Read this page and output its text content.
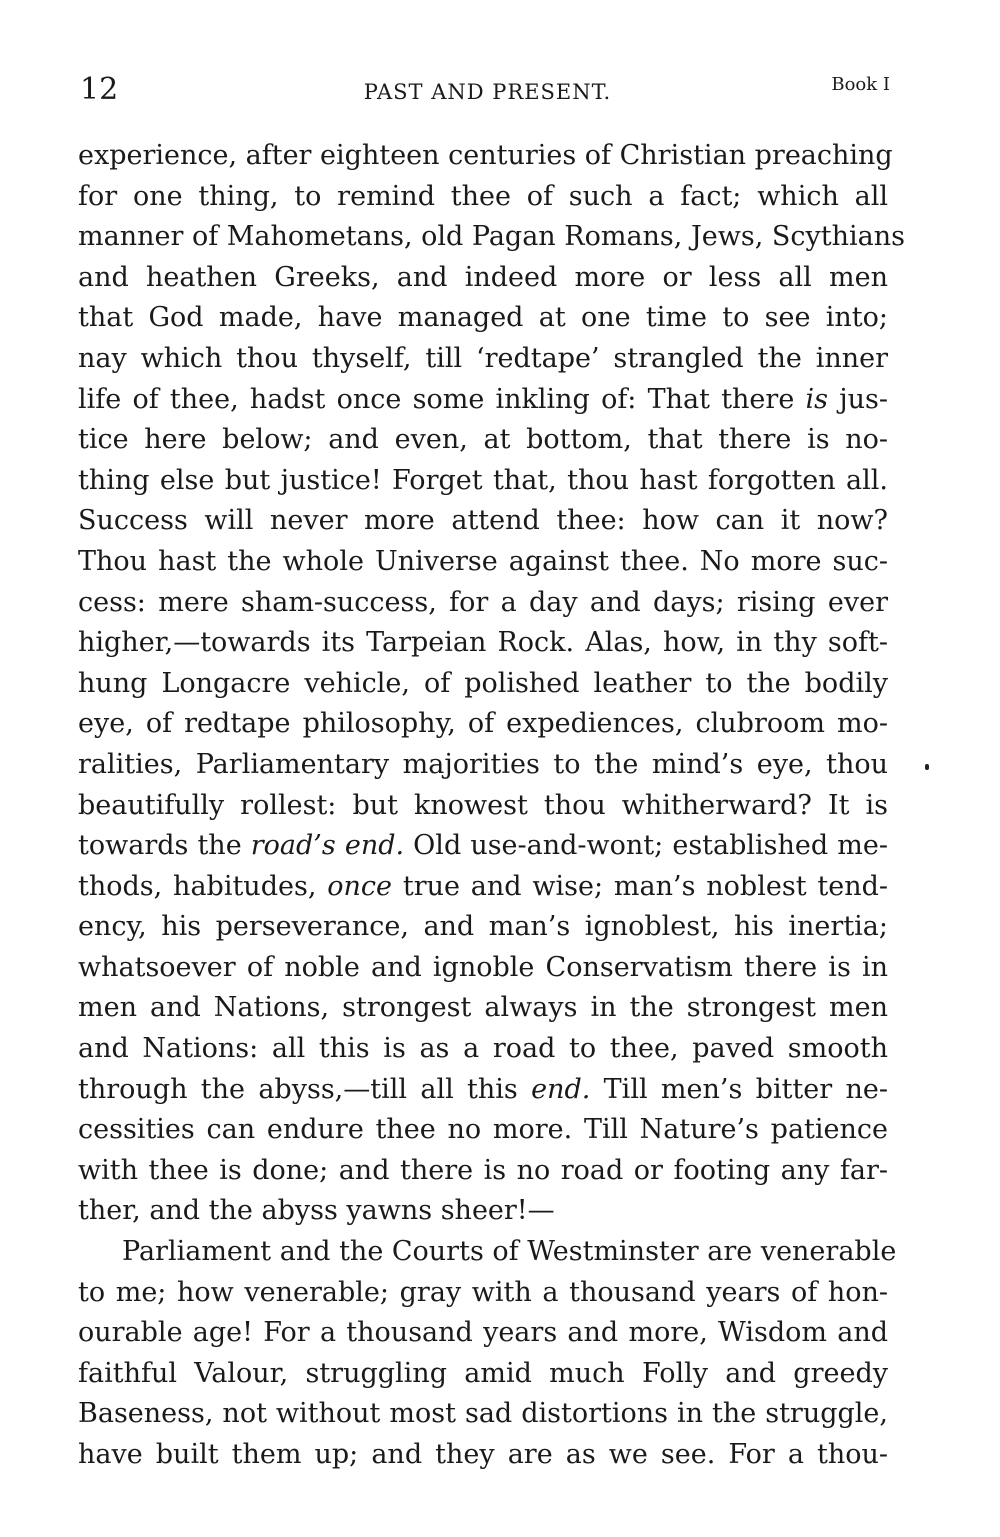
12	PAST AND PRESENT.	Book I
experience, after eighteen centuries of Christian preaching
for one thing, to remind thee of such a fact; which all
manner of Mahometans, old Pagan Romans, Jews, Scythians
and heathen Greeks, and indeed more or less all men
that God made, have managed at one time to see into;
nay which thou thyself, till ‘redtape’ strangled the inner
life of thee, hadst once some inkling of: That there is jus-
tice here below; and even, at bottom, that there is no-
thing else but justice! Forget that, thou hast forgotten all.
Success will never more attend thee: how can it now?
Thou hast the whole Universe against thee. No more suc-
cess: mere sham-success, for a day and days; rising ever
higher,—towards its Tarpeian Rock. Alas, how, in thy soft-
hung Longacre vehicle, of polished leather to the bodily
eye, of redtape philosophy, of expediences, clubroom mo-
ralities, Parliamentary majorities to the mind’s eye, thou
beautifully rollest: but knowest thou whitherward? It is
towards the road’s end. Old use-and-wont; established me-
thods, habitudes, once true and wise; man’s noblest tend-
ency, his perseverance, and man’s ignoblest, his inertia;
whatsoever of noble and ignoble Conservatism there is in
men and Nations, strongest always in the strongest men
and Nations: all this is as a road to thee, paved smooth
through the abyss,—till all this end. Till men’s bitter ne-
cessities can endure thee no more. Till Nature’s patience
with thee is done; and there is no road or footing any far-
ther, and the abyss yawns sheer!—
Parliament and the Courts of Westminster are venerable
to me; how venerable; gray with a thousand years of hon-
ourable age! For a thousand years and more, Wisdom and
faithful Valour, struggling amid much Folly and greedy
Baseness, not without most sad distortions in the struggle,
have built them up; and they are as we see. For a thou-
